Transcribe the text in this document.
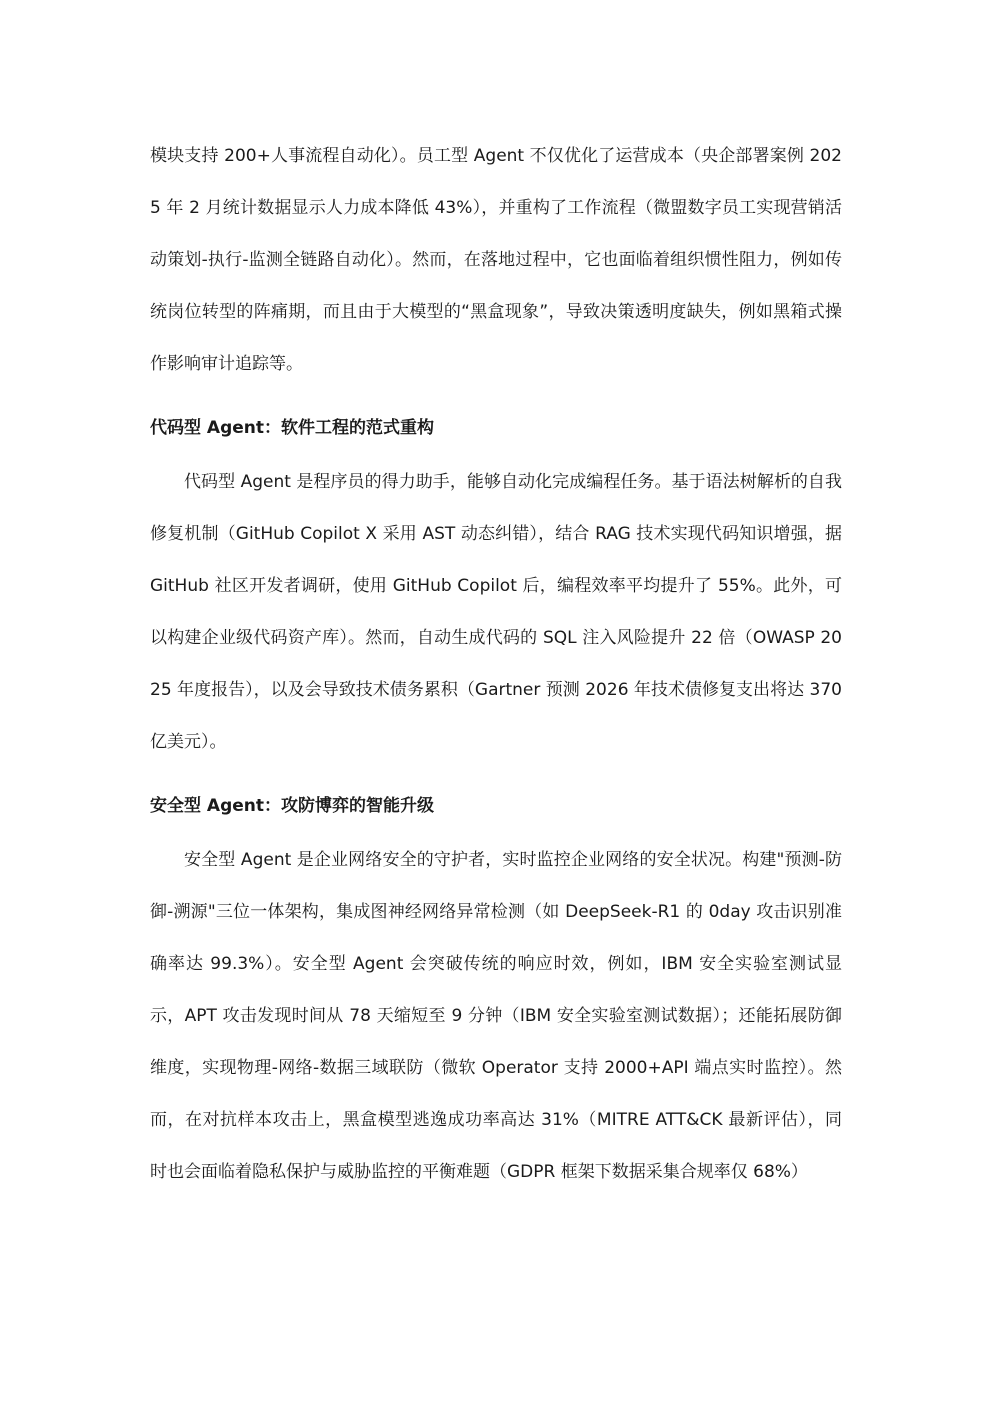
模块支持 200+人事流程自动化）。员工型 Agent 不仅优化了运营成本（央企部署案例 2025 年 2 月统计数据显示人力成本降低 43%），并重构了工作流程（微盟数字员工实现营销活动策划-执行-监测全链路自动化）。然而，在落地过程中，它也面临着组织惯性阻力，例如传统岗位转型的阵痛期，而且由于大模型的“黑盒现象”，导致决策透明度缺失，例如黑箱式操作影响审计追踪等。

代码型 Agent：软件工程的范式重构

代码型 Agent 是程序员的得力助手，能够自动化完成编程任务。基于语法树解析的自我修复机制（GitHub Copilot X 采用 AST 动态纠错），结合 RAG 技术实现代码知识增强，据 GitHub 社区开发者调研，使用 GitHub Copilot 后，编程效率平均提升了 55%。此外，可以构建企业级代码资产库）。然而，自动生成代码的 SQL 注入风险提升 22 倍（OWASP 2025 年度报告），以及会导致技术债务累积（Gartner 预测 2026 年技术债修复支出将达 370 亿美元）。

安全型 Agent：攻防博弈的智能升级

安全型 Agent 是企业网络安全的守护者，实时监控企业网络的安全状况。构建"预测-防御-溯源"三位一体架构，集成图神经网络异常检测（如 DeepSeek-R1 的 0day 攻击识别准确率达 99.3%）。安全型 Agent 会突破传统的响应时效，例如，IBM 安全实验室测试显示，APT 攻击发现时间从 78 天缩短至 9 分钟（IBM 安全实验室测试数据）；还能拓展防御维度，实现物理-网络-数据三域联防（微软 Operator 支持 2000+API 端点实时监控）。然而，在对抗样本攻击上，黑盒模型逃逸成功率高达 31%（MITRE ATT&CK 最新评估），同时也会面临着隐私保护与威胁监控的平衡难题（GDPR 框架下数据采集合规率仅 68%）
